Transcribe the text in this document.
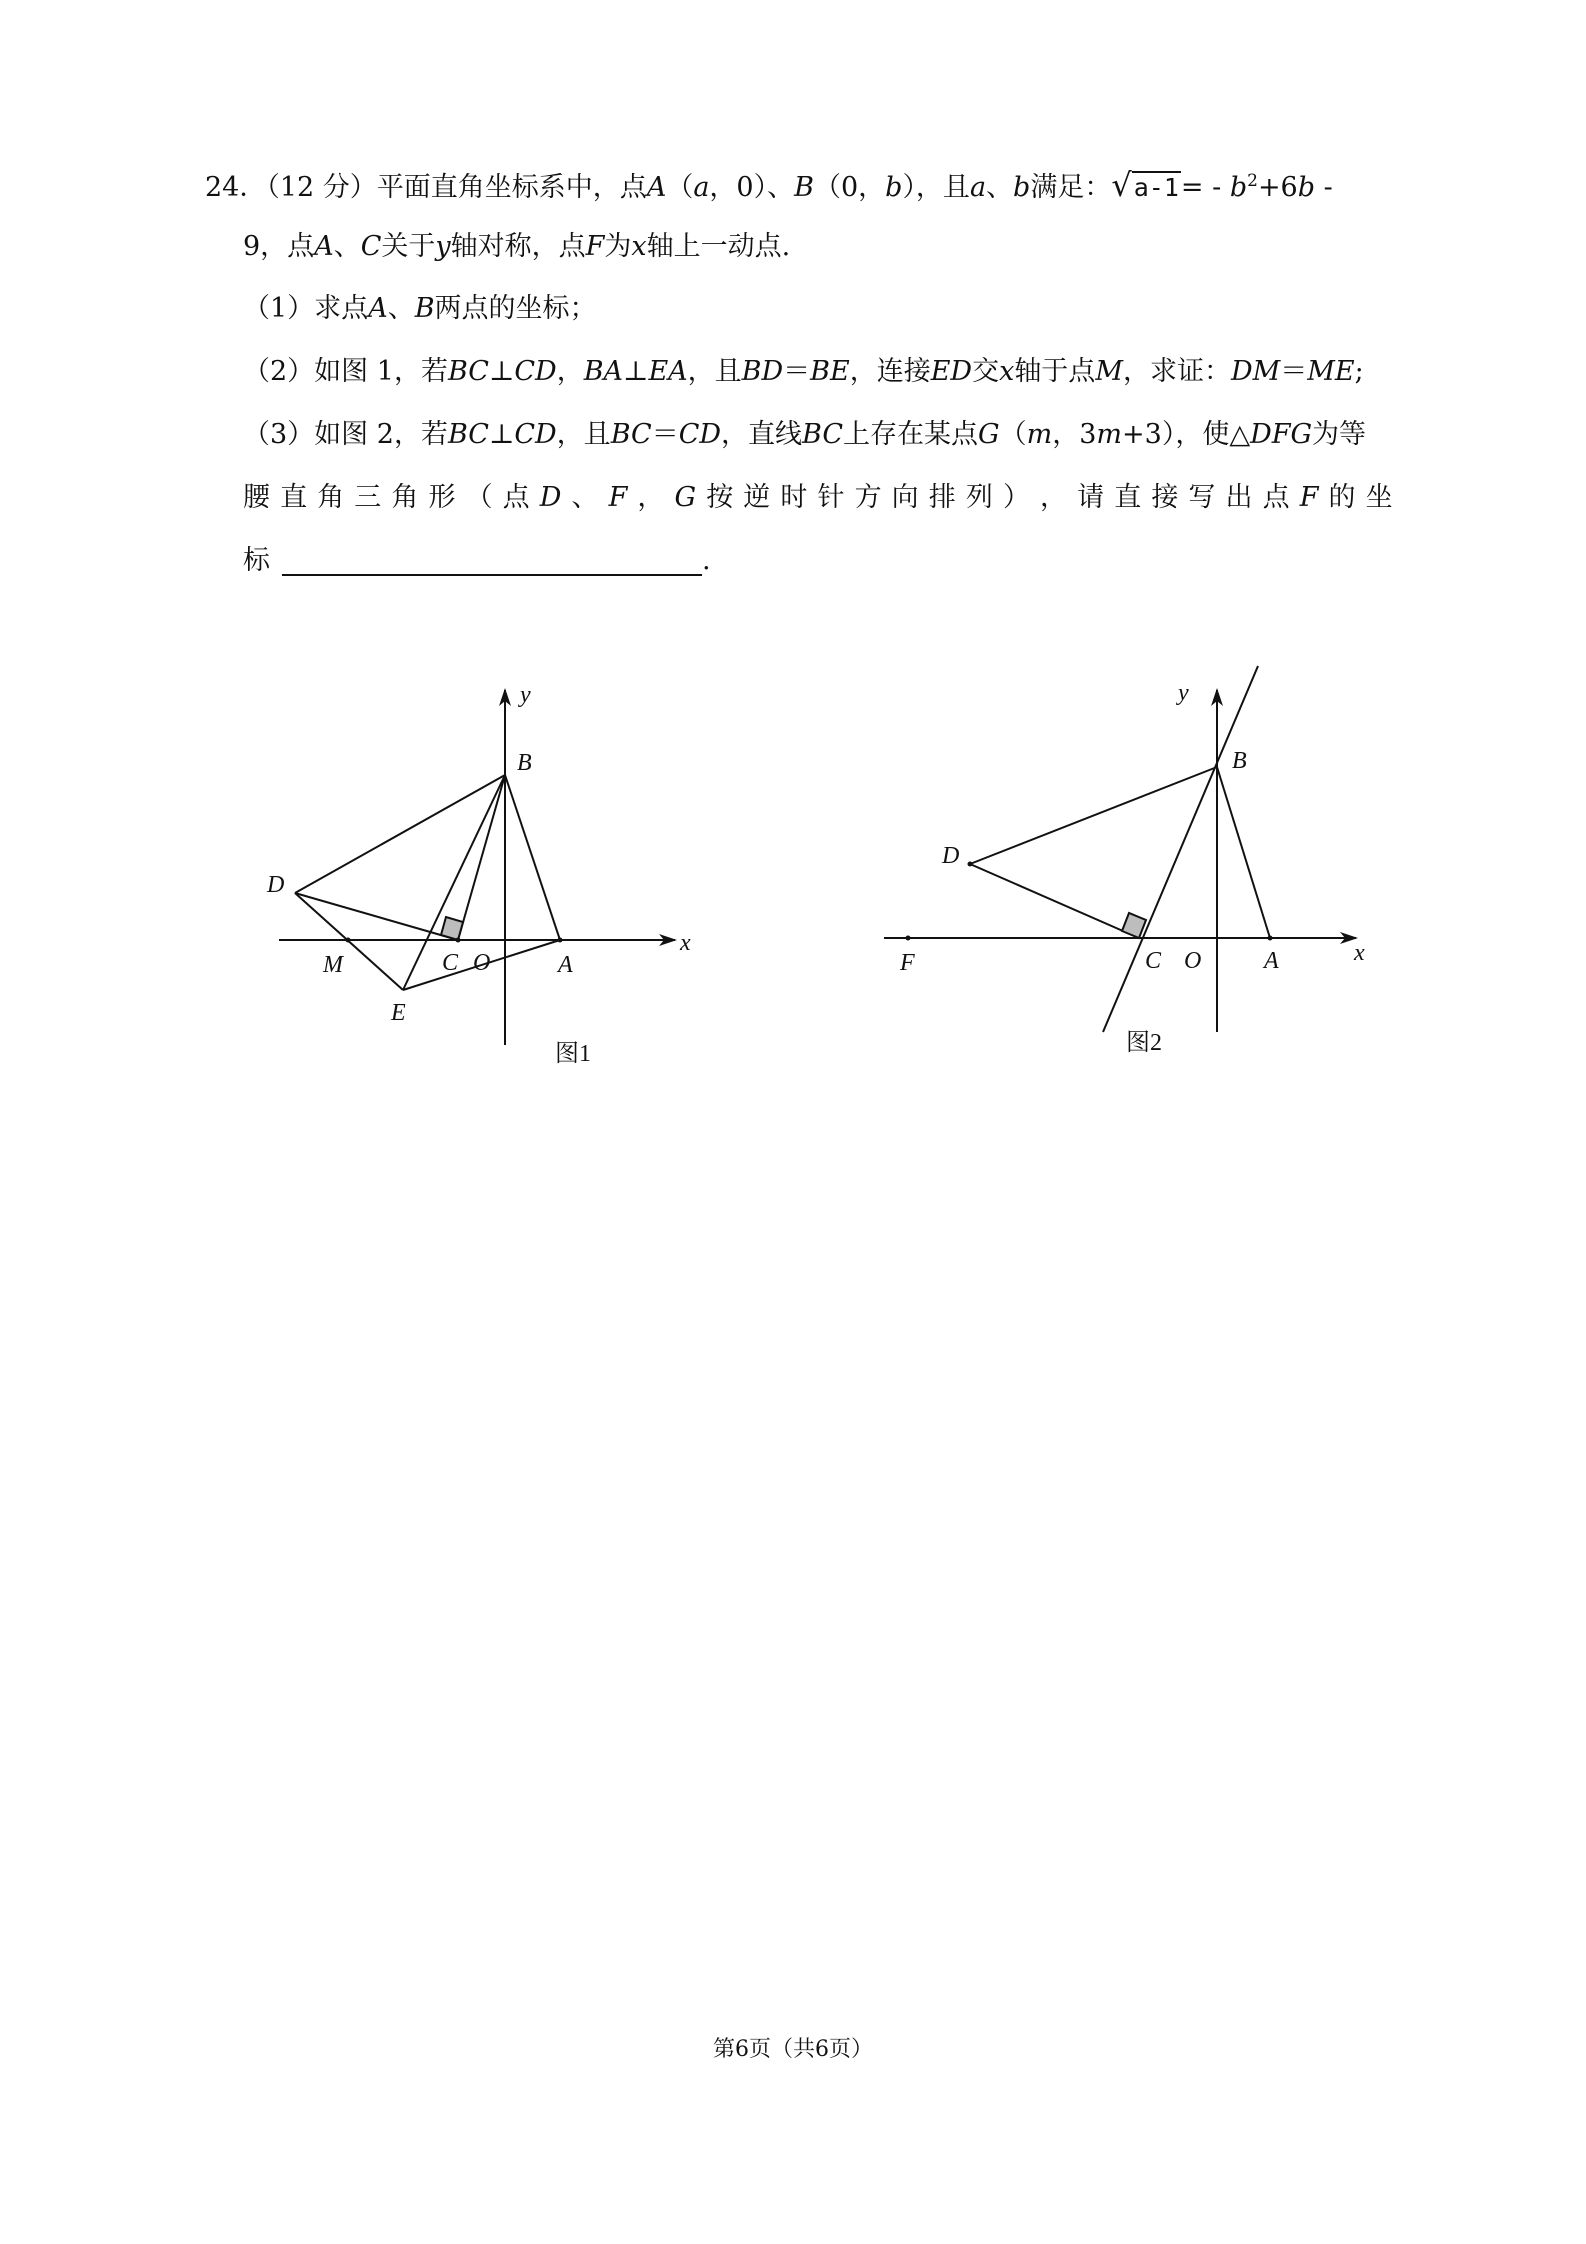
24．（12 分）平面直角坐标系中，点A（a，0）、B（0，b），且a、b满足：$√a-1= - b^2+6b$ -
9，点A、C关于y轴对称，点F为x轴上一动点.
（1）求点A、B两点的坐标；
（2）如图 1，若BC⊥CD，BA⊥EA，且BD＝BE，连接ED交x轴于点M，求证：DM＝ME;
（3）如图 2，若BC⊥CD，且BC＝CD，直线BC上存在某点G（m，3m+3），使△DFG为等
腰 直 角 三 角 形 （ 点 D 、 F ， G 按 逆 时 针 方 向 排 列 ） ， 请 直 接 写 出 点 F 的 坐
标	.
y
B
D
M	C O	A
E
x
图1
y
B
D
F	C O	A	x
图2
第6页（共6页）
